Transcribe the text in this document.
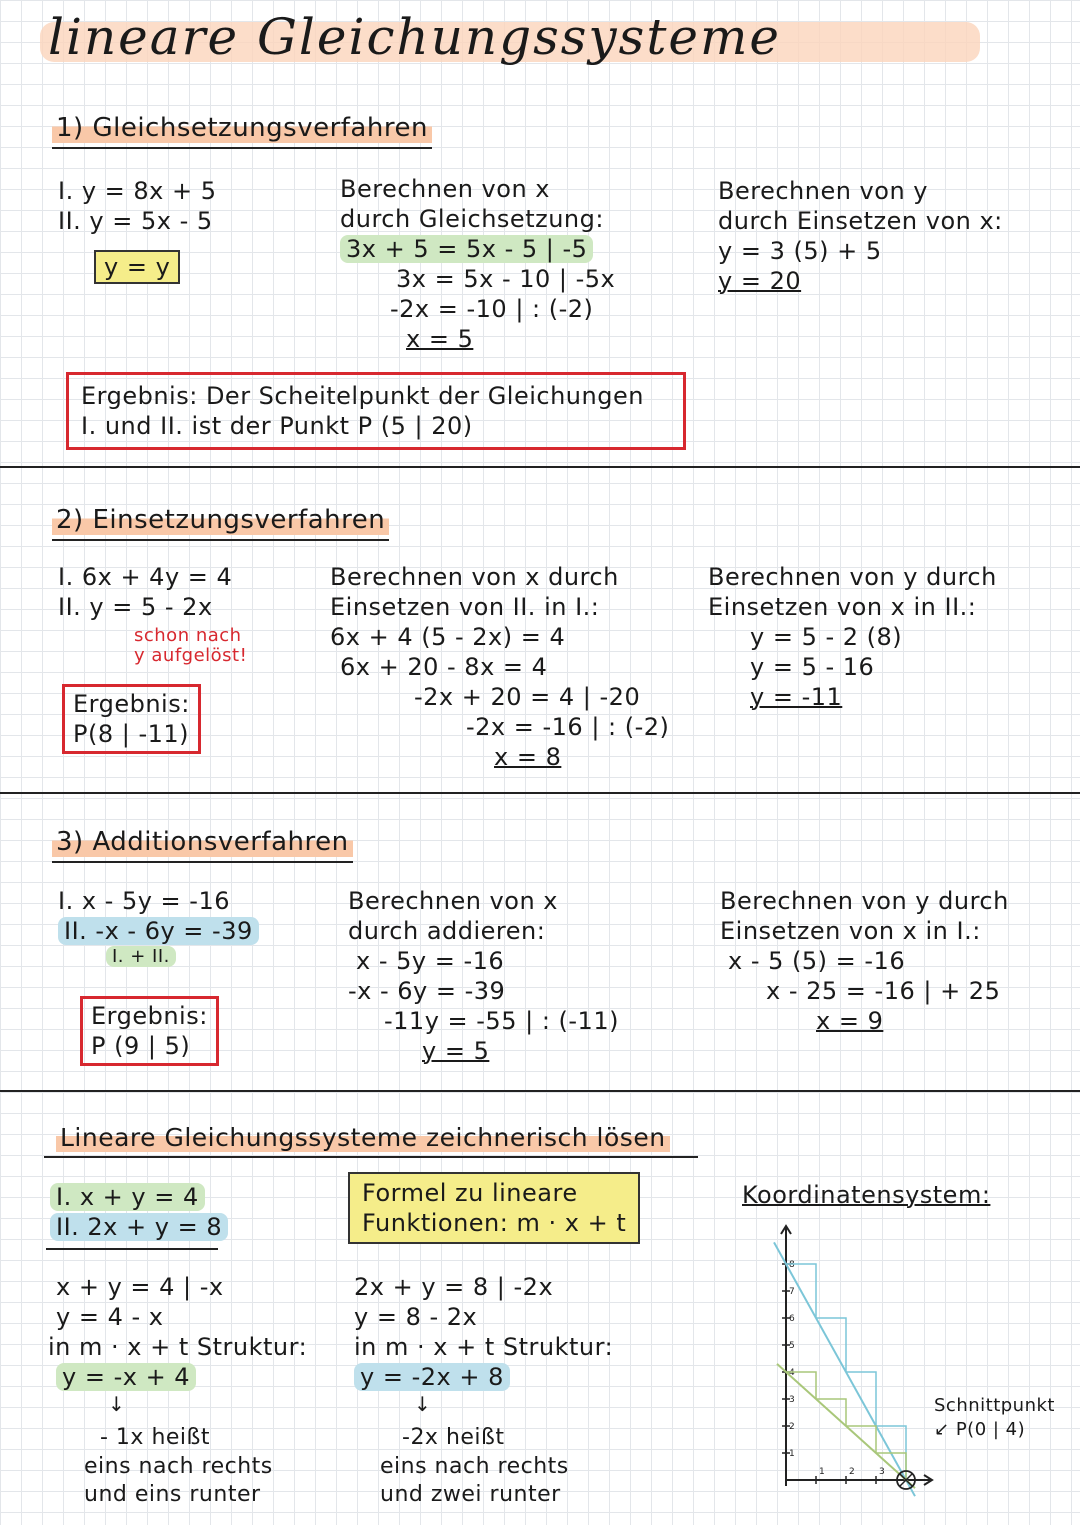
lineare Gleichungssysteme
1) Gleichsetzungsverfahren
I. y = 8x + 5
II. y = 5x - 5
y = y
Berechnen von x
durch Gleichsetzung:
3x + 5 = 5x - 5 | -5
3x = 5x - 10 | -5x
-2x = -10 | : (-2)
x = 5
Berechnen von y
durch Einsetzen von x:
y = 3 (5) + 5
y = 20
Ergebnis: Der Scheitelpunkt der Gleichungen
I. und II. ist der Punkt P (5 | 20)
2) Einsetzungsverfahren
I. 6x + 4y = 4
II. y = 5 - 2x
schon nach
y aufgelöst!
Ergebnis:
P(8 | -11)
Berechnen von x durch
Einsetzen von II. in I.:
6x + 4 (5 - 2x) = 4
6x + 20 - 8x = 4
-2x + 20 = 4 | -20
-2x = -16 | : (-2)
x = 8
Berechnen von y durch
Einsetzen von x in II.:
y = 5 - 2 (8)
y = 5 - 16
y = -11
3) Additionsverfahren
I. x - 5y = -16
II. -x - 6y = -39
I. + II.
Ergebnis:
P (9 | 5)
Berechnen von x
durch addieren:
x - 5y = -16
-x - 6y = -39
-11y = -55 | : (-11)
y = 5
Berechnen von y durch
Einsetzen von x in I.:
x - 5 (5) = -16
x - 25 = -16 | + 25
x = 9
Lineare Gleichungssysteme zeichnerisch lösen
I. x + y = 4
II. 2x + y = 8
Formel zu lineare
Funktionen: m · x + t
x + y = 4 | -x
y = 4 - x
in m · x + t Struktur:
y = -x + 4
↓
- 1x heißt
eins nach rechts
und eins runter
2x + y = 8 | -2x
y = 8 - 2x
in m · x + t Struktur:
y = -2x + 8
↓
-2x heißt
eins nach rechts
und zwei runter
Koordinatensystem:
1	2	3
1
2
3
4
5
6
7
8
Schnittpunkt
↙ P(0 | 4)
